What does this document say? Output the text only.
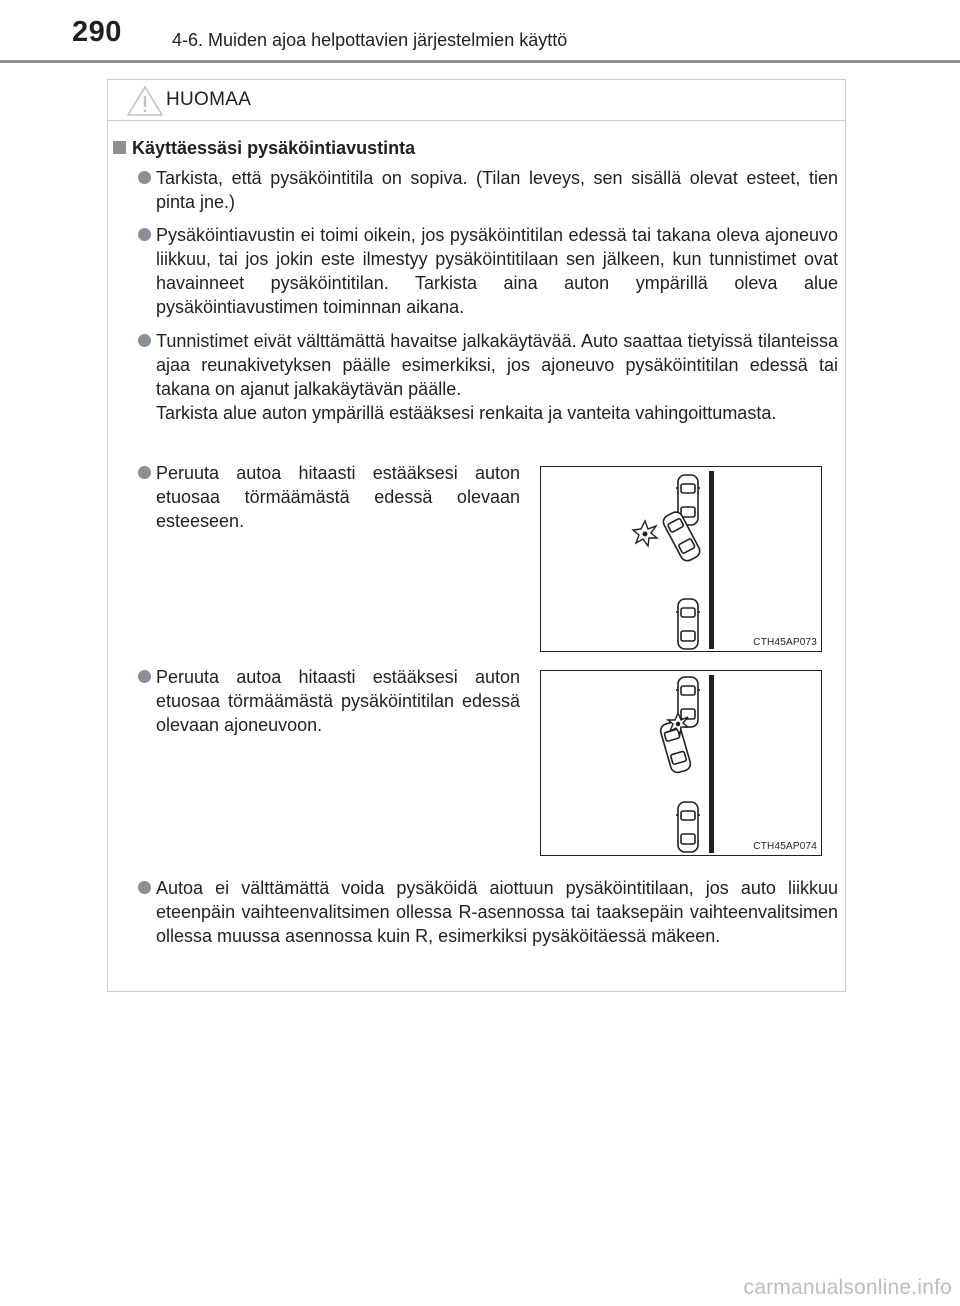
290	4-6. Muiden ajoa helpottavien järjestelmien käyttö
HUOMAA
Käyttäessäsi pysäköintiavustinta

Tarkista, että pysäköintitila on sopiva. (Tilan leveys, sen sisällä olevat esteet, tien pinta jne.)

Pysäköintiavustin ei toimi oikein, jos pysäköintitilan edessä tai takana oleva ajoneuvo liikkuu, tai jos jokin este ilmestyy pysäköintitilaan sen jälkeen, kun tunnistimet ovat havainneet pysäköintitilan. Tarkista aina auton ympärillä oleva alue pysäköintiavustimen toiminnan aikana.

Tunnistimet eivät välttämättä havaitse jalkakäytävää. Auto saattaa tietyissä tilanteissa ajaa reunakivetyksen päälle esimerkiksi, jos ajoneuvo pysäköintitilan edessä tai takana on ajanut jalkakäytävän päälle.

Tarkista alue auton ympärillä estääksesi renkaita ja vanteita vahingoittumasta.

Peruuta autoa hitaasti estääksesi auton etuosaa törmäämästä edessä olevaan esteeseen.

CTH45AP073

Peruuta autoa hitaasti estääksesi auton etuosaa törmäämästä pysäköintitilan edessä olevaan ajoneuvoon.

CTH45AP074

Autoa ei välttämättä voida pysäköidä aiottuun pysäköintitilaan, jos auto liikkuu eteenpäin vaihteenvalitsimen ollessa R-asennossa tai taaksepäin vaihteenvalitsimen ollessa muussa asennossa kuin R, esimerkiksi pysäköitäessä mäkeen.

carmanualsonline.info
